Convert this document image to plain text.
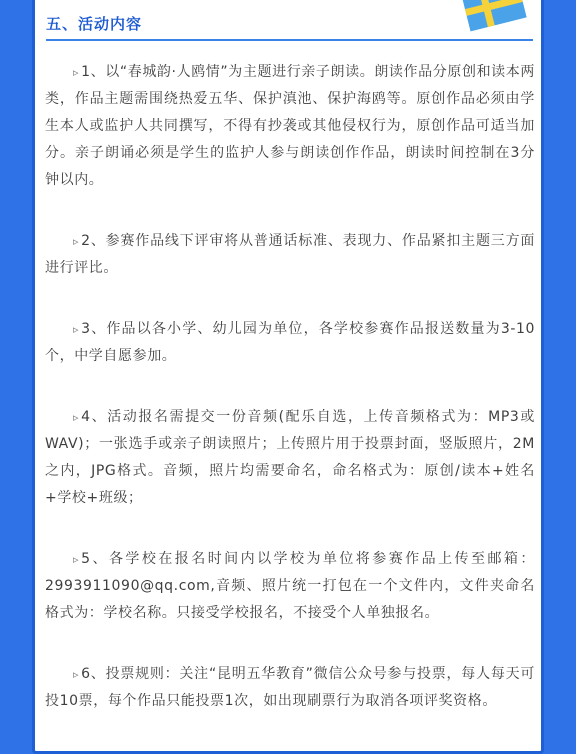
五、活动内容

▹ 1、以“春城韵·人鸥情”为主题进行亲子朗读。朗读作品分原创和读本两类，作品主题需围绕热爱五华、保护滇池、保护海鸥等。原创作品必须由学生本人或监护人共同撰写，不得有抄袭或其他侵权行为，原创作品可适当加分。亲子朗诵必须是学生的监护人参与朗读创作作品，朗读时间控制在3分钟以内。

▹ 2、参赛作品线下评审将从普通话标准、表现力、作品紧扣主题三方面进行评比。

▹ 3、作品以各小学、幼儿园为单位，各学校参赛作品报送数量为3-10个，中学自愿参加。

▹ 4、活动报名需提交一份音频(配乐自选，上传音频格式为：MP3或WAV)；一张选手或亲子朗读照片；上传照片用于投票封面，竖版照片，2M之内，JPG格式。音频，照片均需要命名，命名格式为：原创/读本+姓名+学校+班级；

▹ 5、各学校在报名时间内以学校为单位将参赛作品上传至邮箱：2993911090@qq.com,音频、照片统一打包在一个文件内，文件夹命名格式为：学校名称。只接受学校报名，不接受个人单独报名。

▹ 6、投票规则：关注“昆明五华教育”微信公众号参与投票，每人每天可投10票，每个作品只能投票1次，如出现刷票行为取消各项评奖资格。
